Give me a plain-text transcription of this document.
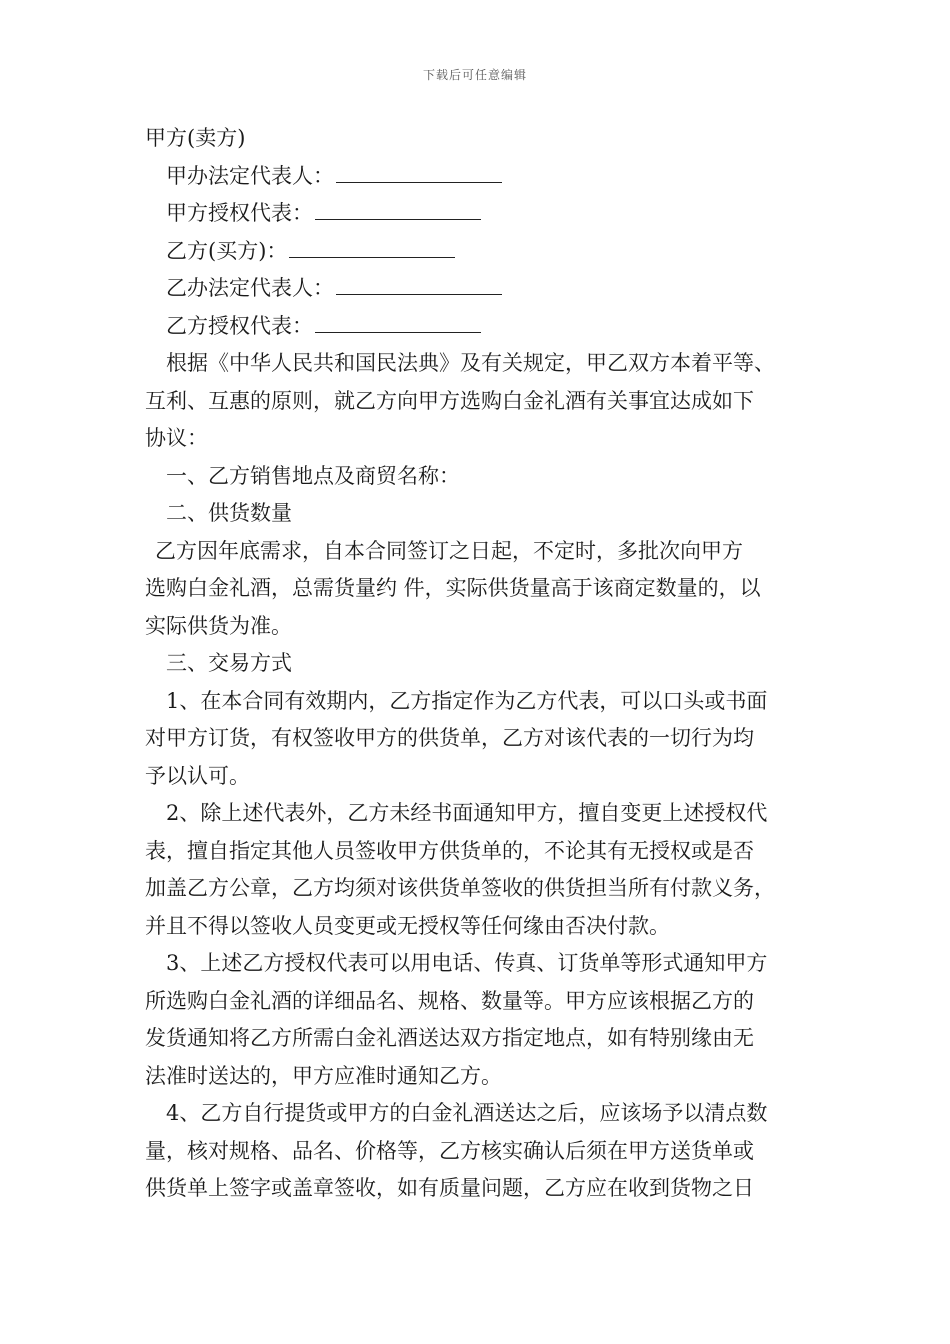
下载后可任意编辑

甲方(卖方)

甲办法定代表人：

甲方授权代表：

乙方(买方)：

乙办法定代表人：

乙方授权代表：

根据《中华人民共和国民法典》及有关规定，甲乙双方本着平等、

互利、互惠的原则，就乙方向甲方选购白金礼酒有关事宜达成如下

协议：

一、乙方销售地点及商贸名称：

二、供货数量

乙方因年底需求，自本合同签订之日起，不定时，多批次向甲方

选购白金礼酒，总需货量约 件，实际供货量高于该商定数量的，以

实际供货为准。

三、交易方式

1、在本合同有效期内，乙方指定作为乙方代表，可以口头或书面

对甲方订货，有权签收甲方的供货单，乙方对该代表的一切行为均

予以认可。

2、除上述代表外，乙方未经书面通知甲方，擅自变更上述授权代

表，擅自指定其他人员签收甲方供货单的，不论其有无授权或是否

加盖乙方公章，乙方均须对该供货单签收的供货担当所有付款义务，

并且不得以签收人员变更或无授权等任何缘由否决付款。

3、上述乙方授权代表可以用电话、传真、订货单等形式通知甲方

所选购白金礼酒的详细品名、规格、数量等。甲方应该根据乙方的

发货通知将乙方所需白金礼酒送达双方指定地点，如有特别缘由无

法准时送达的，甲方应准时通知乙方。

4、乙方自行提货或甲方的白金礼酒送达之后，应该场予以清点数

量，核对规格、品名、价格等，乙方核实确认后须在甲方送货单或

供货单上签字或盖章签收，如有质量问题，乙方应在收到货物之日
